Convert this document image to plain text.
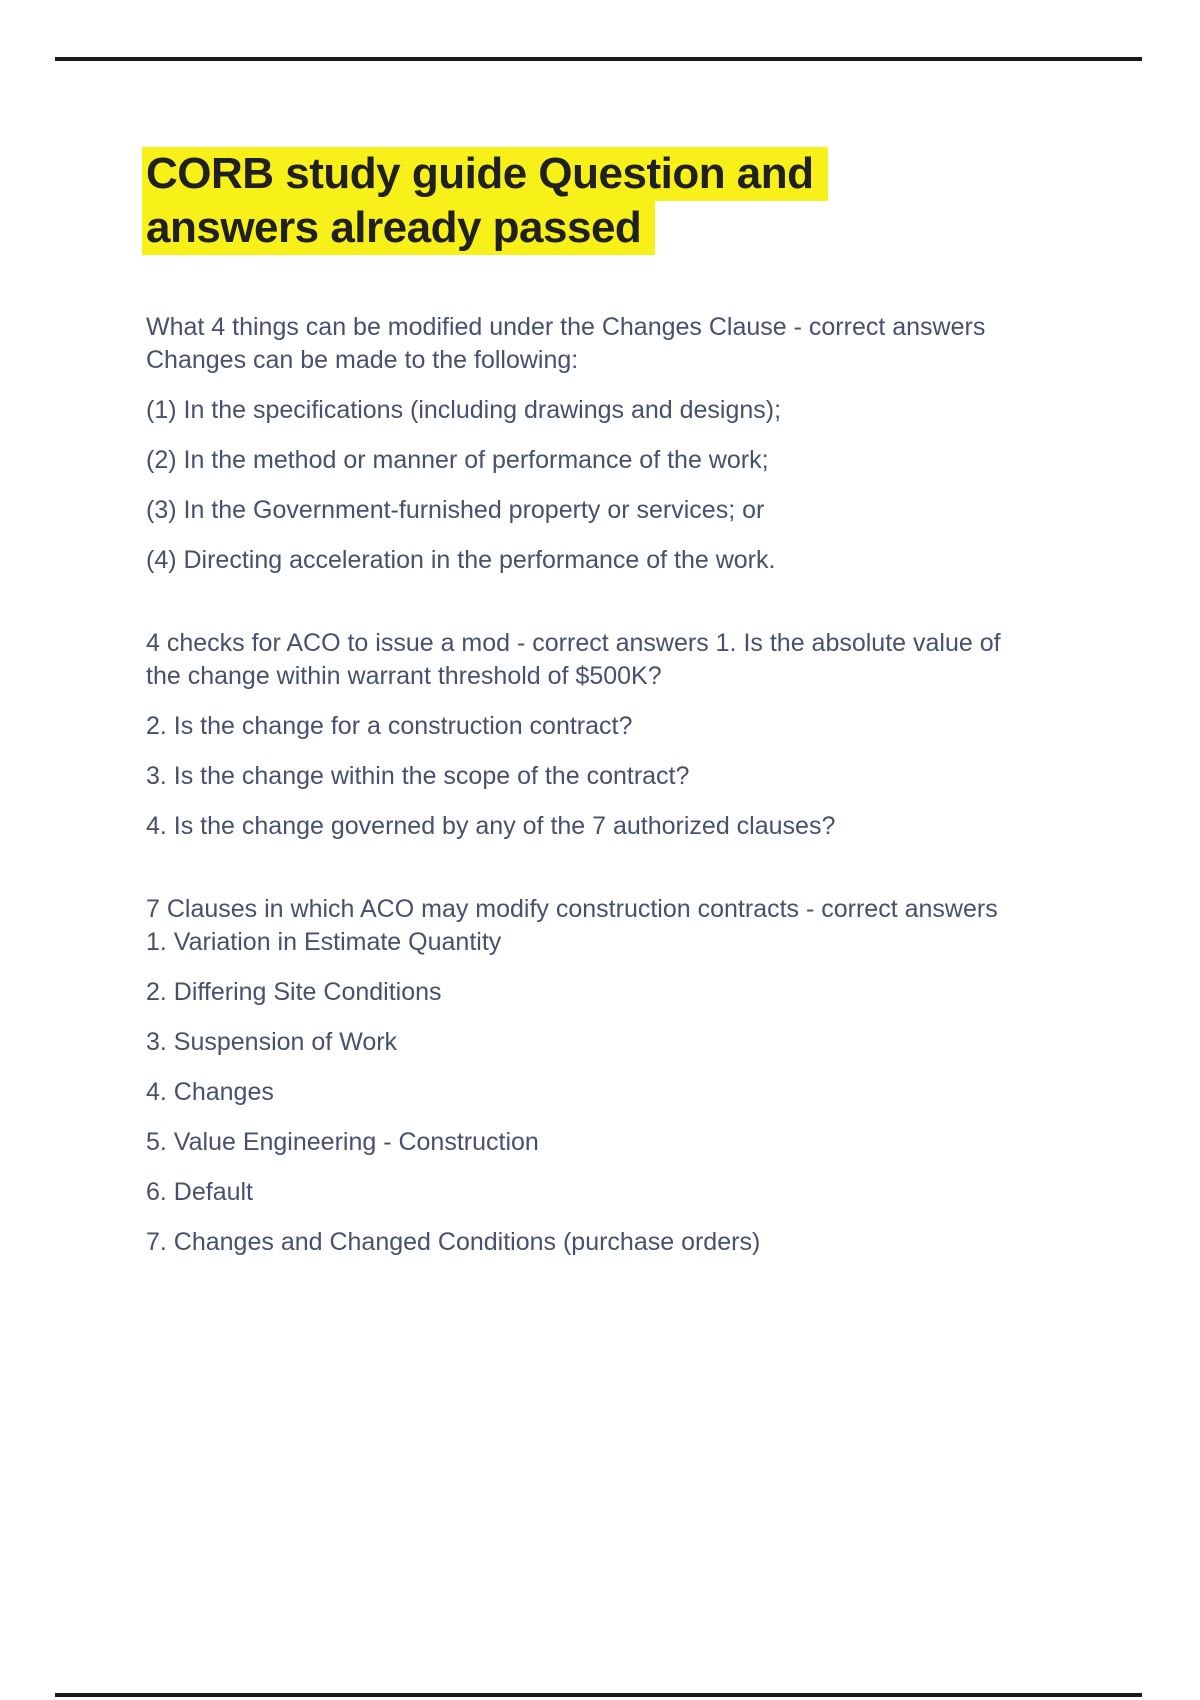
CORB study guide Question and
answers already passed
What 4 things can be modified under the Changes Clause - correct answers
Changes can be made to the following:
(1) In the specifications (including drawings and designs);
(2) In the method or manner of performance of the work;
(3) In the Government-furnished property or services; or
(4) Directing acceleration in the performance of the work.
4 checks for ACO to issue a mod - correct answers 1. Is the absolute value of
the change within warrant threshold of $500K?
2. Is the change for a construction contract?
3. Is the change within the scope of the contract?
4. Is the change governed by any of the 7 authorized clauses?
7 Clauses in which ACO may modify construction contracts - correct answers
1. Variation in Estimate Quantity
2. Differing Site Conditions
3. Suspension of Work
4. Changes
5. Value Engineering - Construction
6. Default
7. Changes and Changed Conditions (purchase orders)
